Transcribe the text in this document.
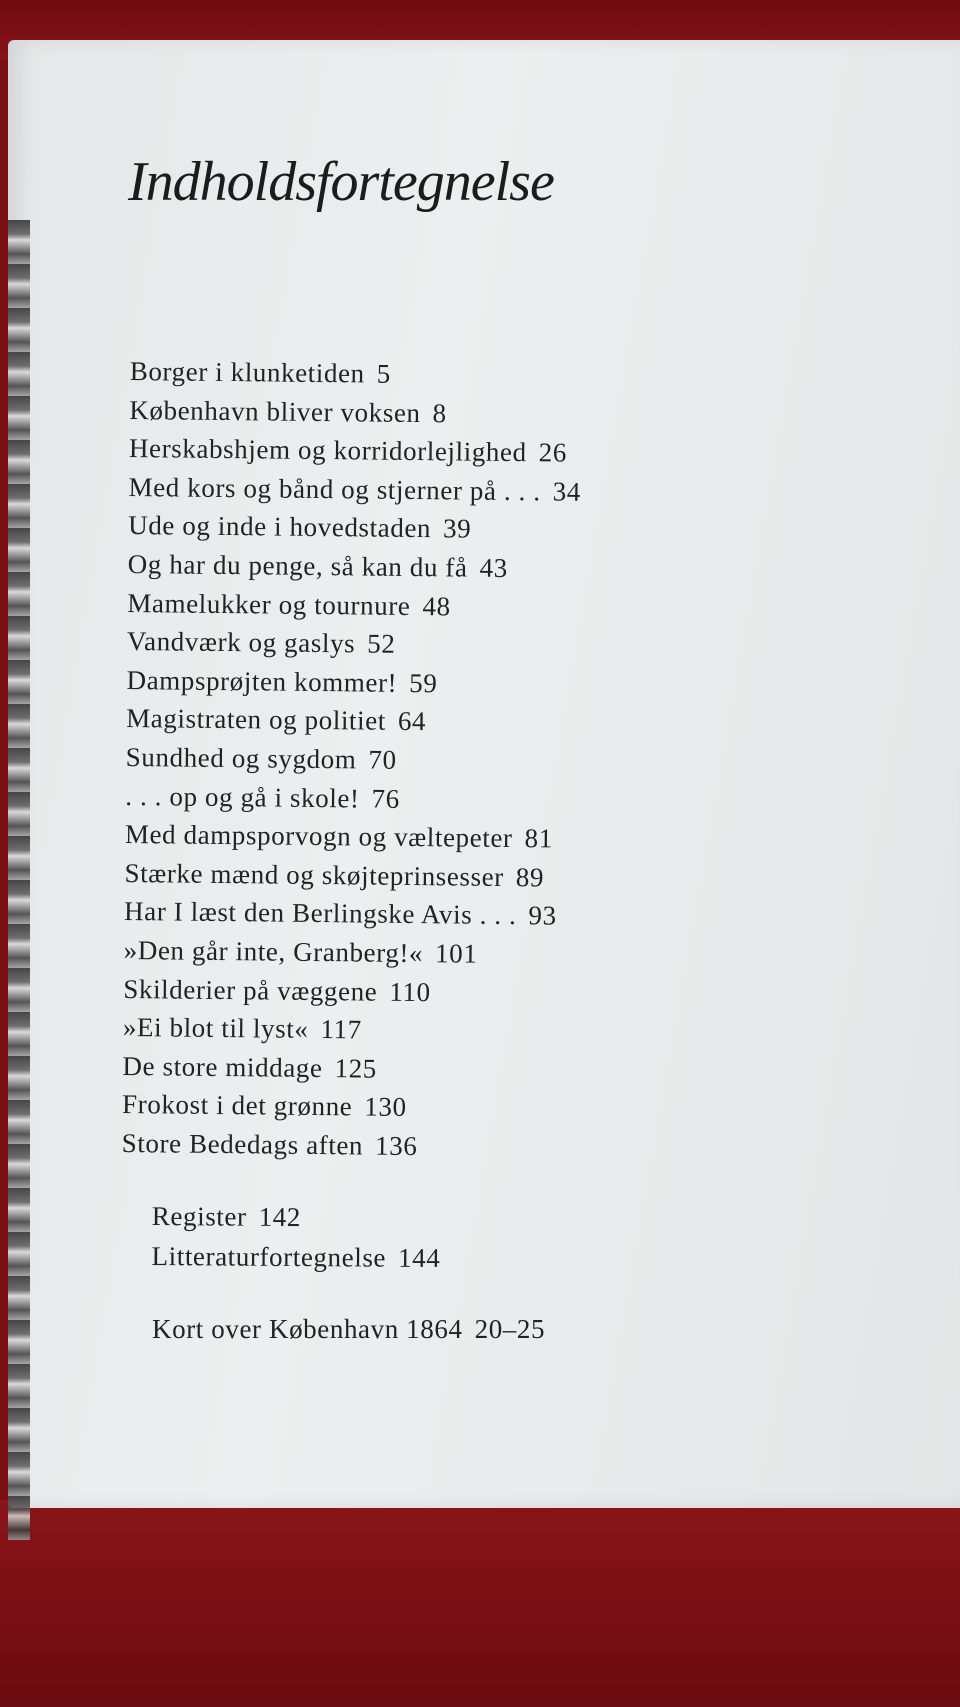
Indholdsfortegnelse
Borger i klunketiden 5
København bliver voksen 8
Herskabshjem og korridorlejlighed 26
Med kors og bånd og stjerner på . . . 34
Ude og inde i hovedstaden 39
Og har du penge, så kan du få 43
Mamelukker og tournure 48
Vandværk og gaslys 52
Dampsprøjten kommer! 59
Magistraten og politiet 64
Sundhed og sygdom 70
. . . op og gå i skole! 76
Med dampsporvogn og væltepeter 81
Stærke mænd og skøjteprinsesser 89
Har I læst den Berlingske Avis . . . 93
»Den går inte, Granberg!« 101
Skilderier på væggene 110
»Ei blot til lyst« 117
De store middage 125
Frokost i det grønne 130
Store Bededags aften 136
Register 142
Litteraturfortegnelse 144
Kort over København 1864 20–25
